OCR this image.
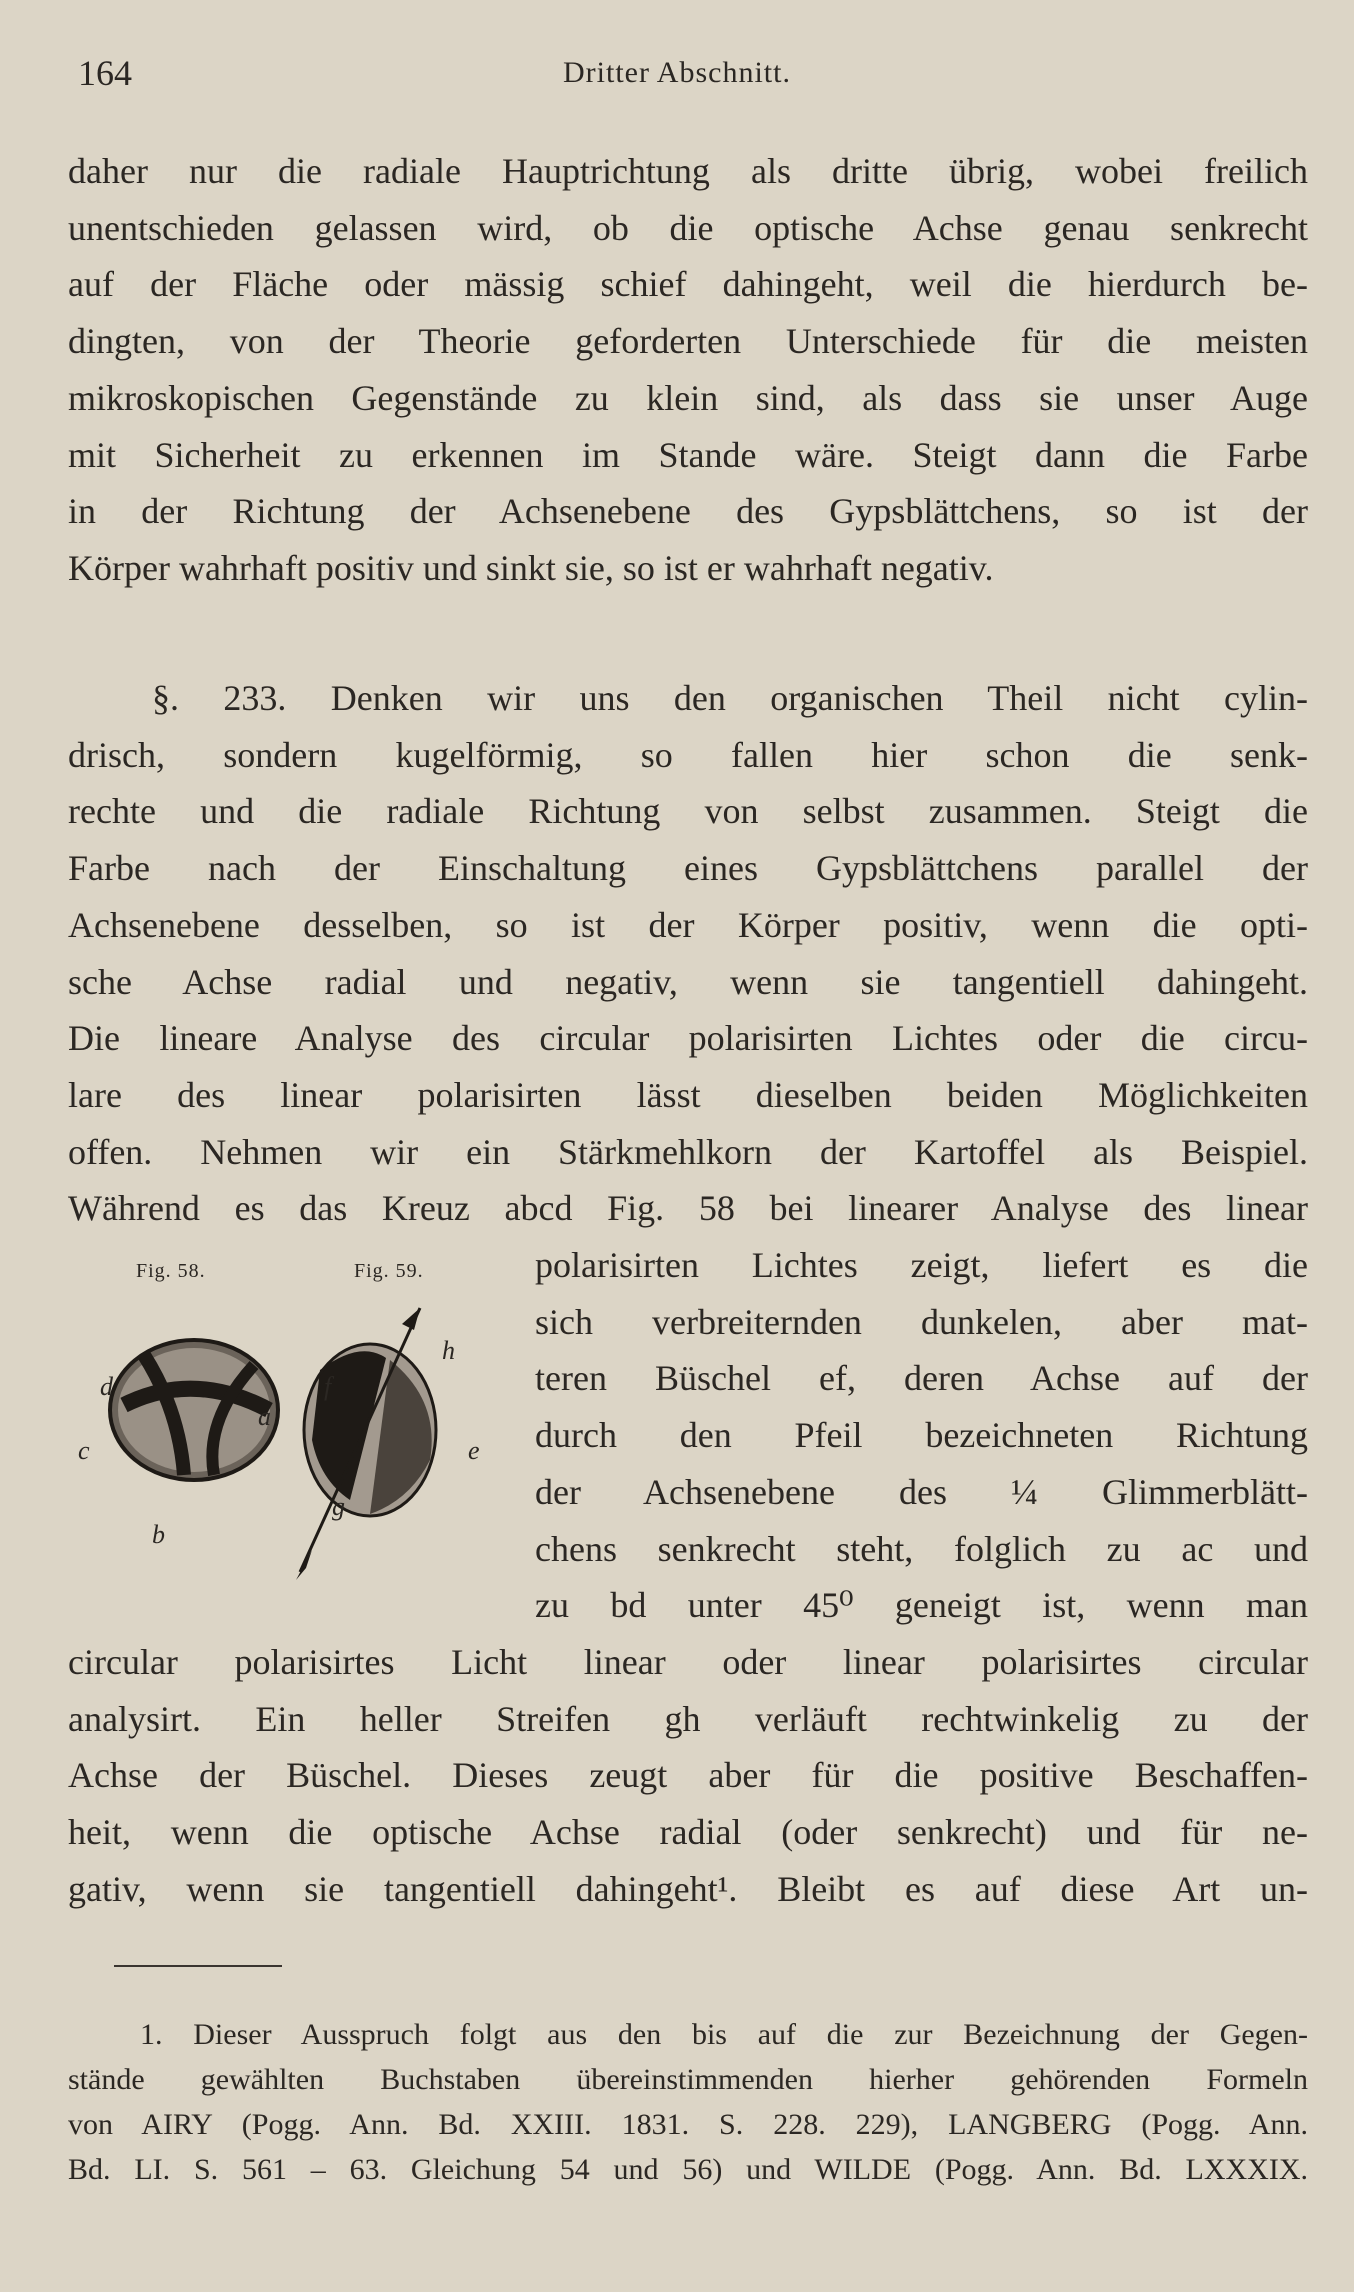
164	Dritter Abschnitt.
daher nur die radiale Hauptrichtung als dritte übrig, wobei freilich
unentschieden gelassen wird, ob die optische Achse genau senkrecht
auf der Fläche oder mässig schief dahingeht, weil die hierdurch be-
dingten, von der Theorie geforderten Unterschiede für die meisten
mikroskopischen Gegenstände zu klein sind, als dass sie unser Auge
mit Sicherheit zu erkennen im Stande wäre. Steigt dann die Farbe
in der Richtung der Achsenebene des Gypsblättchens, so ist der
Körper wahrhaft positiv und sinkt sie, so ist er wahrhaft negativ.
§. 233. Denken wir uns den organischen Theil nicht cylin-
drisch, sondern kugelförmig, so fallen hier schon die senk-
rechte und die radiale Richtung von selbst zusammen. Steigt die
Farbe nach der Einschaltung eines Gypsblättchens parallel der
Achsenebene desselben, so ist der Körper positiv, wenn die opti-
sche Achse radial und negativ, wenn sie tangentiell dahingeht.
Die lineare Analyse des circular polarisirten Lichtes oder die circu-
lare des linear polarisirten lässt dieselben beiden Möglichkeiten
offen. Nehmen wir ein Stärkmehlkorn der Kartoffel als Beispiel.
Während es das Kreuz abcd Fig. 58 bei linearer Analyse des linear
Fig. 58.	Fig. 59.
d
a
c
b
f
h
e
g
polarisirten Lichtes zeigt, liefert es die
sich verbreiternden dunkelen, aber mat-
teren Büschel ef, deren Achse auf der
durch den Pfeil bezeichneten Richtung
der Achsenebene des ¼ Glimmerblätt-
chens senkrecht steht, folglich zu ac und
zu bd unter 45⁰ geneigt ist, wenn man
circular polarisirtes Licht linear oder linear polarisirtes circular
analysirt. Ein heller Streifen gh verläuft rechtwinkelig zu der
Achse der Büschel. Dieses zeugt aber für die positive Beschaffen-
heit, wenn die optische Achse radial (oder senkrecht) und für ne-
gativ, wenn sie tangentiell dahingeht¹. Bleibt es auf diese Art un-
1. Dieser Ausspruch folgt aus den bis auf die zur Bezeichnung der Gegen-
stände gewählten Buchstaben übereinstimmenden hierher gehörenden Formeln
von AIRY (Pogg. Ann. Bd. XXIII. 1831. S. 228. 229), LANGBERG (Pogg. Ann.
Bd. LI. S. 561 – 63. Gleichung 54 und 56) und WILDE (Pogg. Ann. Bd. LXXXIX.
